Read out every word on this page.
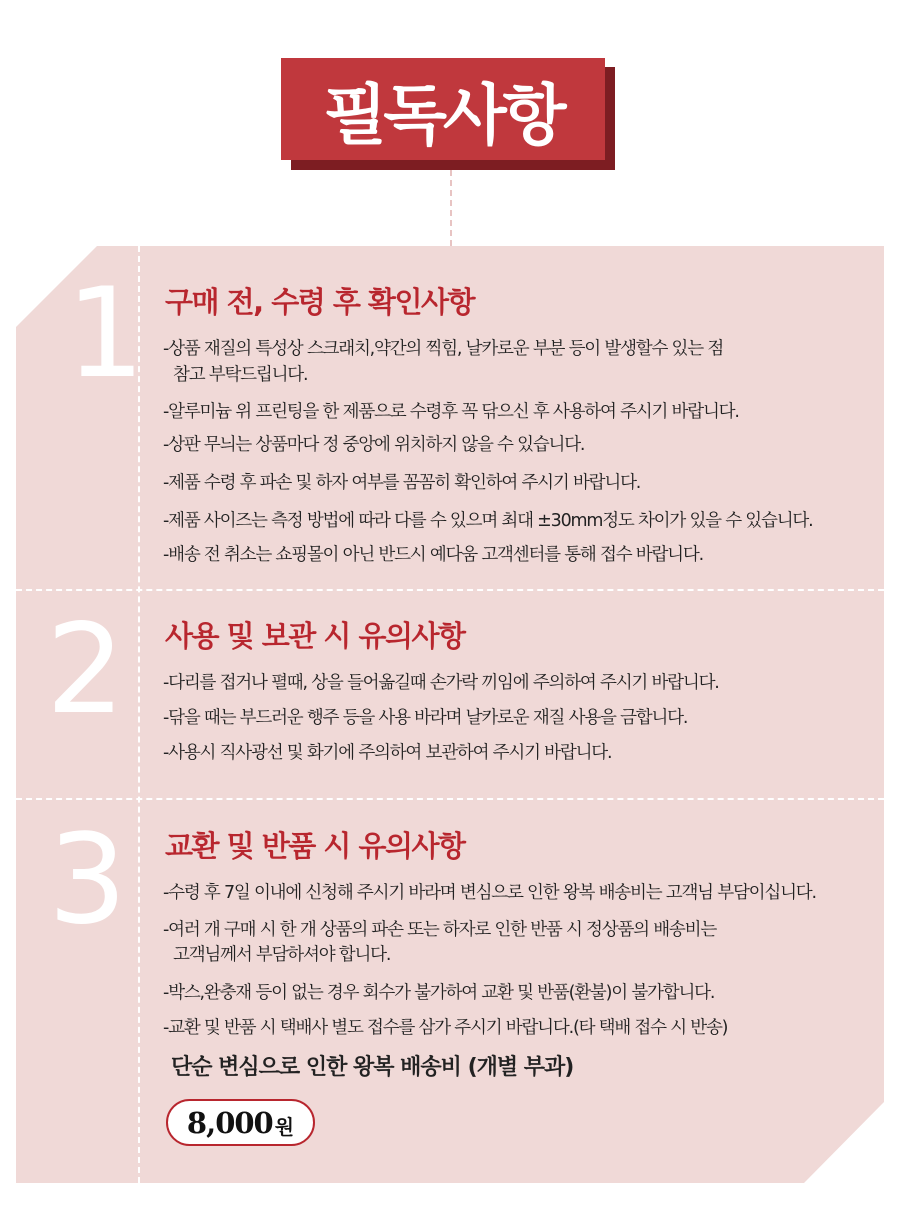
필독사항
1 구매 전, 수령 후 확인사항
-상품 재질의 특성상 스크래치,약간의 찍힘, 날카로운 부분 등이 발생할수 있는 점
참고 부탁드립니다.
-알루미늄 위 프린팅을 한 제품으로 수령후 꼭 닦으신 후 사용하여 주시기 바랍니다.
-상판 무늬는 상품마다 정 중앙에 위치하지 않을 수 있습니다.
-제품 수령 후 파손 및 하자 여부를 꼼꼼히 확인하여 주시기 바랍니다.
-제품 사이즈는 측정 방법에 따라 다를 수 있으며 최대 ±30mm정도 차이가 있을 수 있습니다.
-배송 전 취소는 쇼핑몰이 아닌 반드시 예다움 고객센터를 통해 접수 바랍니다.
2 사용 및 보관 시 유의사항
-다리를 접거나 펼때, 상을 들어옮길때 손가락 끼임에 주의하여 주시기 바랍니다.
-닦을 때는 부드러운 행주 등을 사용 바라며 날카로운 재질 사용을 금합니다.
-사용시 직사광선 및 화기에 주의하여 보관하여 주시기 바랍니다.
3 교환 및 반품 시 유의사항
-수령 후 7일 이내에 신청해 주시기 바라며 변심으로 인한 왕복 배송비는 고객님 부담이십니다.
-여러 개 구매 시 한 개 상품의 파손 또는 하자로 인한 반품 시 정상품의 배송비는
고객님께서 부담하셔야 합니다.
-박스,완충재 등이 없는 경우 회수가 불가하여 교환 및 반품(환불)이 불가합니다.
-교환 및 반품 시 택배사 별도 접수를 삼가 주시기 바랍니다.(타 택배 접수 시 반송)
단순 변심으로 인한 왕복 배송비 (개별 부과)
8,000 원
